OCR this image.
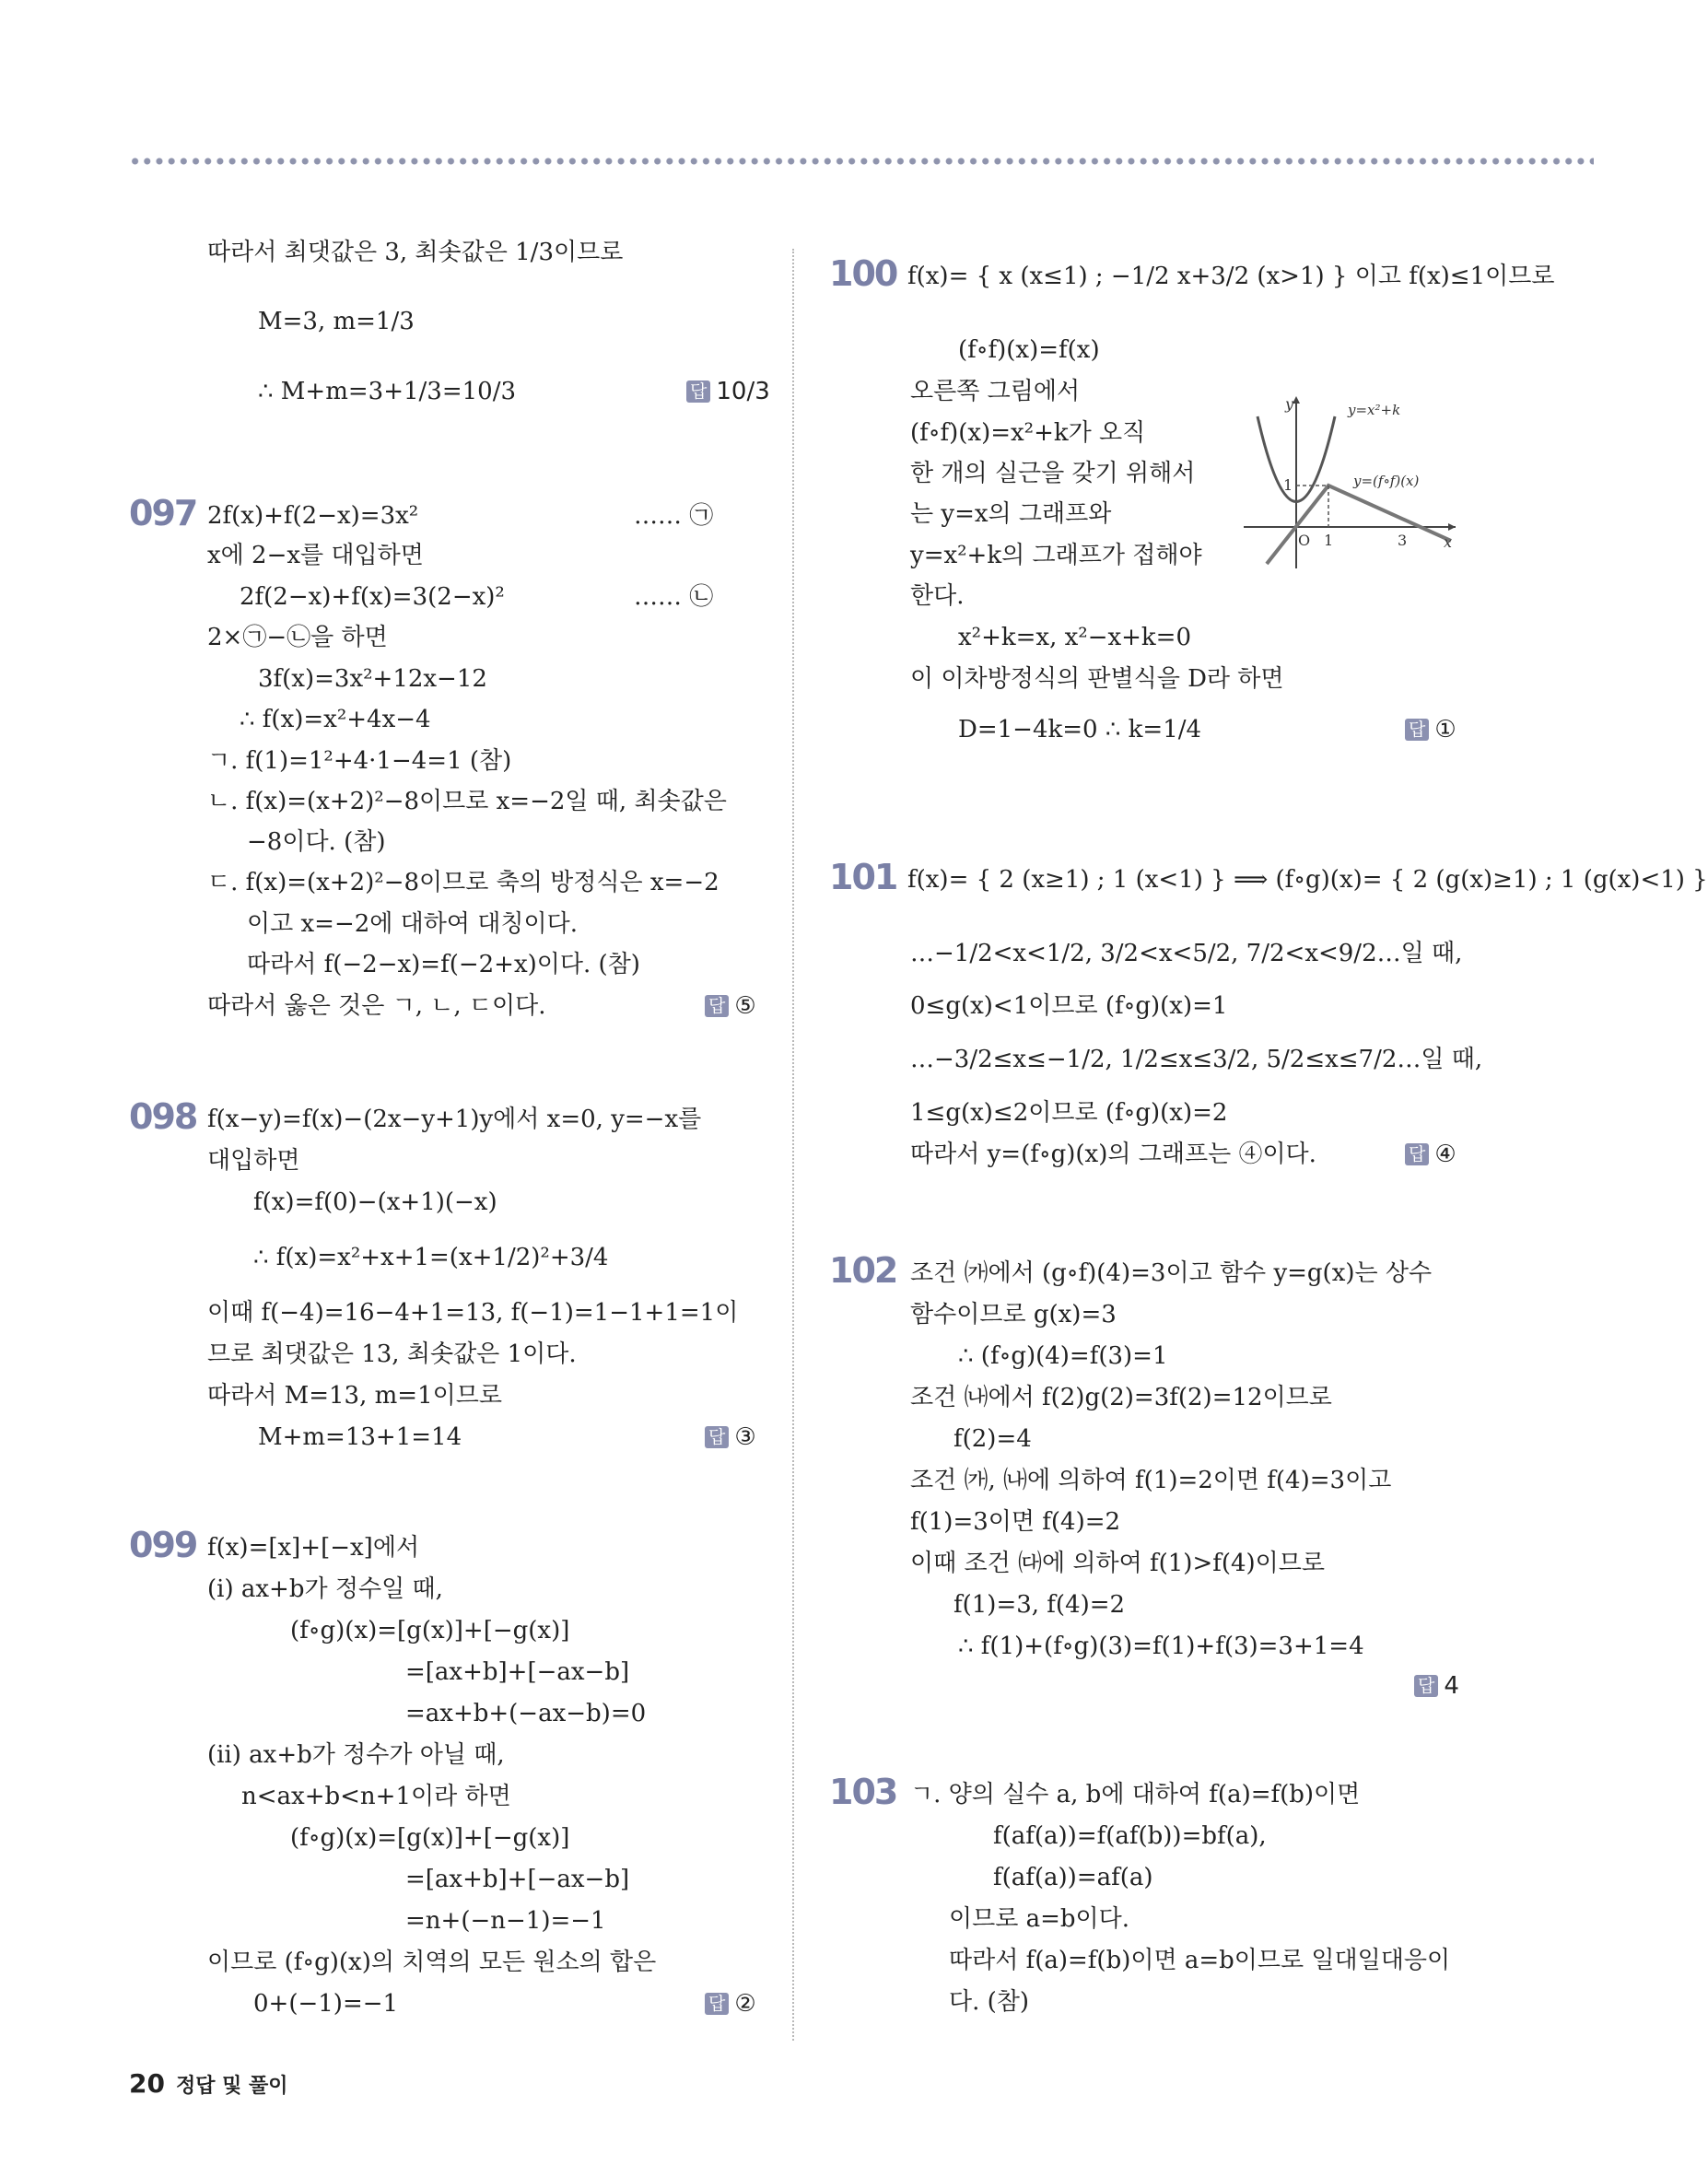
따라서 최댓값은 3, 최솟값은 1/3이므로
M=3, m=1/3
∴ M+m=3+1/3=10/3
2f(x)+f(2−x)=3x²
x에 2−x를 대입하면
2f(2−x)+f(x)=3(2−x)²
2×㉠−㉡을 하면
3f(x)=3x²+12x−12
∴ f(x)=x²+4x−4
ㄱ. f(1)=1²+4·1−4=1 (참)
ㄴ. f(x)=(x+2)²−8이므로 x=−2일 때, 최솟값은
−8이다. (참)
ㄷ. f(x)=(x+2)²−8이므로 축의 방정식은 x=−2
이고 x=−2에 대하여 대칭이다.
따라서 f(−2−x)=f(−2+x)이다. (참)
따라서 옳은 것은 ㄱ, ㄴ, ㄷ이다.
f(x−y)=f(x)−(2x−y+1)y에서 x=0, y=−x를
대입하면
f(x)=f(0)−(x+1)(−x)
∴ f(x)=x²+x+1=(x+1/2)²+3/4
이때 f(−4)=16−4+1=13, f(−1)=1−1+1=1이
므로 최댓값은 13, 최솟값은 1이다.
따라서 M=13, m=1이므로
M+m=13+1=14
f(x)=[x]+[−x]에서
(ⅰ) ax+b가 정수일 때,
(f∘g)(x)=[g(x)]+[−g(x)]
=[ax+b]+[−ax−b]
=ax+b+(−ax−b)=0
(ⅱ) ax+b가 정수가 아닐 때,
n<ax+b<n+1이라 하면
(f∘g)(x)=[g(x)]+[−g(x)]
=[ax+b]+[−ax−b]
=n+(−n−1)=−1
이므로 (f∘g)(x)의 치역의 모든 원소의 합은
0+(−1)=−1
…… ㉠
…… ㉡
f(x)= { x (x≤1) ; −1/2 x+3/2 (x>1) } 이고 f(x)≤1이므로
(f∘f)(x)=f(x)
오른쪽 그림에서
(f∘f)(x)=x²+k가 오직
한 개의 실근을 갖기 위해서
는 y=x의 그래프와
y=x²+k의 그래프가 접해야
한다.
x²+k=x, x²−x+k=0
이 이차방정식의 판별식을 D라 하면
D=1−4k=0 ∴ k=1/4
f(x)= { 2 (x≥1) ; 1 (x<1) } ⟹ (f∘g)(x)= { 2 (g(x)≥1) ; 1 (g(x)<1) }
…−1/2<x<1/2, 3/2<x<5/2, 7/2<x<9/2…일 때,
0≤g(x)<1이므로 (f∘g)(x)=1
…−3/2≤x≤−1/2, 1/2≤x≤3/2, 5/2≤x≤7/2…일 때,
1≤g(x)≤2이므로 (f∘g)(x)=2
따라서 y=(f∘g)(x)의 그래프는 ④이다.
조건 ㈎에서 (g∘f)(4)=3이고 함수 y=g(x)는 상수
함수이므로 g(x)=3
∴ (f∘g)(4)=f(3)=1
조건 ㈏에서 f(2)g(2)=3f(2)=12이므로
f(2)=4
조건 ㈎, ㈏에 의하여 f(1)=2이면 f(4)=3이고
f(1)=3이면 f(4)=2
이때 조건 ㈐에 의하여 f(1)>f(4)이므로
f(1)=3, f(4)=2
∴ f(1)+(f∘g)(3)=f(1)+f(3)=3+1=4
ㄱ. 양의 실수 a, b에 대하여 f(a)=f(b)이면
f(af(a))=f(af(b))=bf(a),
f(af(a))=af(a)
이므로 a=b이다.
따라서 f(a)=f(b)이면 a=b이므로 일대일대응이
다. (참)
097
098
099
100
101
102
103
답 10/3
답 ⑤
답 ③
답 ②
답 ①
답 ④
답 4
y
x
O 1	3
1
y=x²+k
y=(f∘f)(x)
20 정답 및 풀이
